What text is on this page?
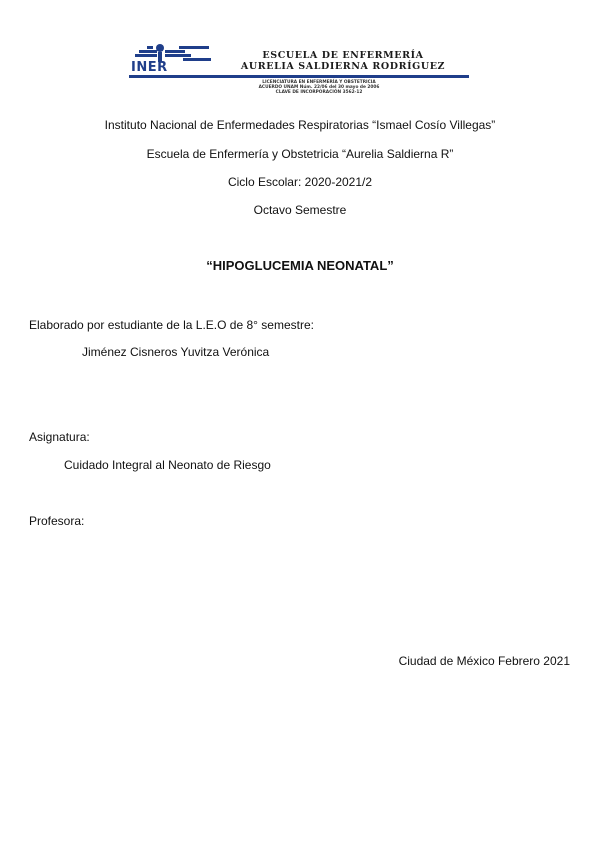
INER
ESCUELA DE ENFERMERÍA
AURELIA SALDIERNA RODRÍGUEZ
LICENCIATURA EN ENFERMERÍA Y OBSTETRICIA
ACUERDO UNAM Núm. 22/06 del 30 mayo de 2006
CLAVE DE INCORPORACIÓN 3562-12
Instituto Nacional de Enfermedades Respiratorias “Ismael Cosío Villegas”
Escuela de Enfermería y Obstetricia “Aurelia Saldierna R”
Ciclo Escolar: 2020-2021/2
Octavo Semestre
“HIPOGLUCEMIA NEONATAL”
Elaborado por estudiante de la L.E.O de 8° semestre:
Jiménez Cisneros Yuvitza Verónica
Asignatura:
Cuidado Integral al Neonato de Riesgo
Profesora:
Ciudad de México Febrero 2021
